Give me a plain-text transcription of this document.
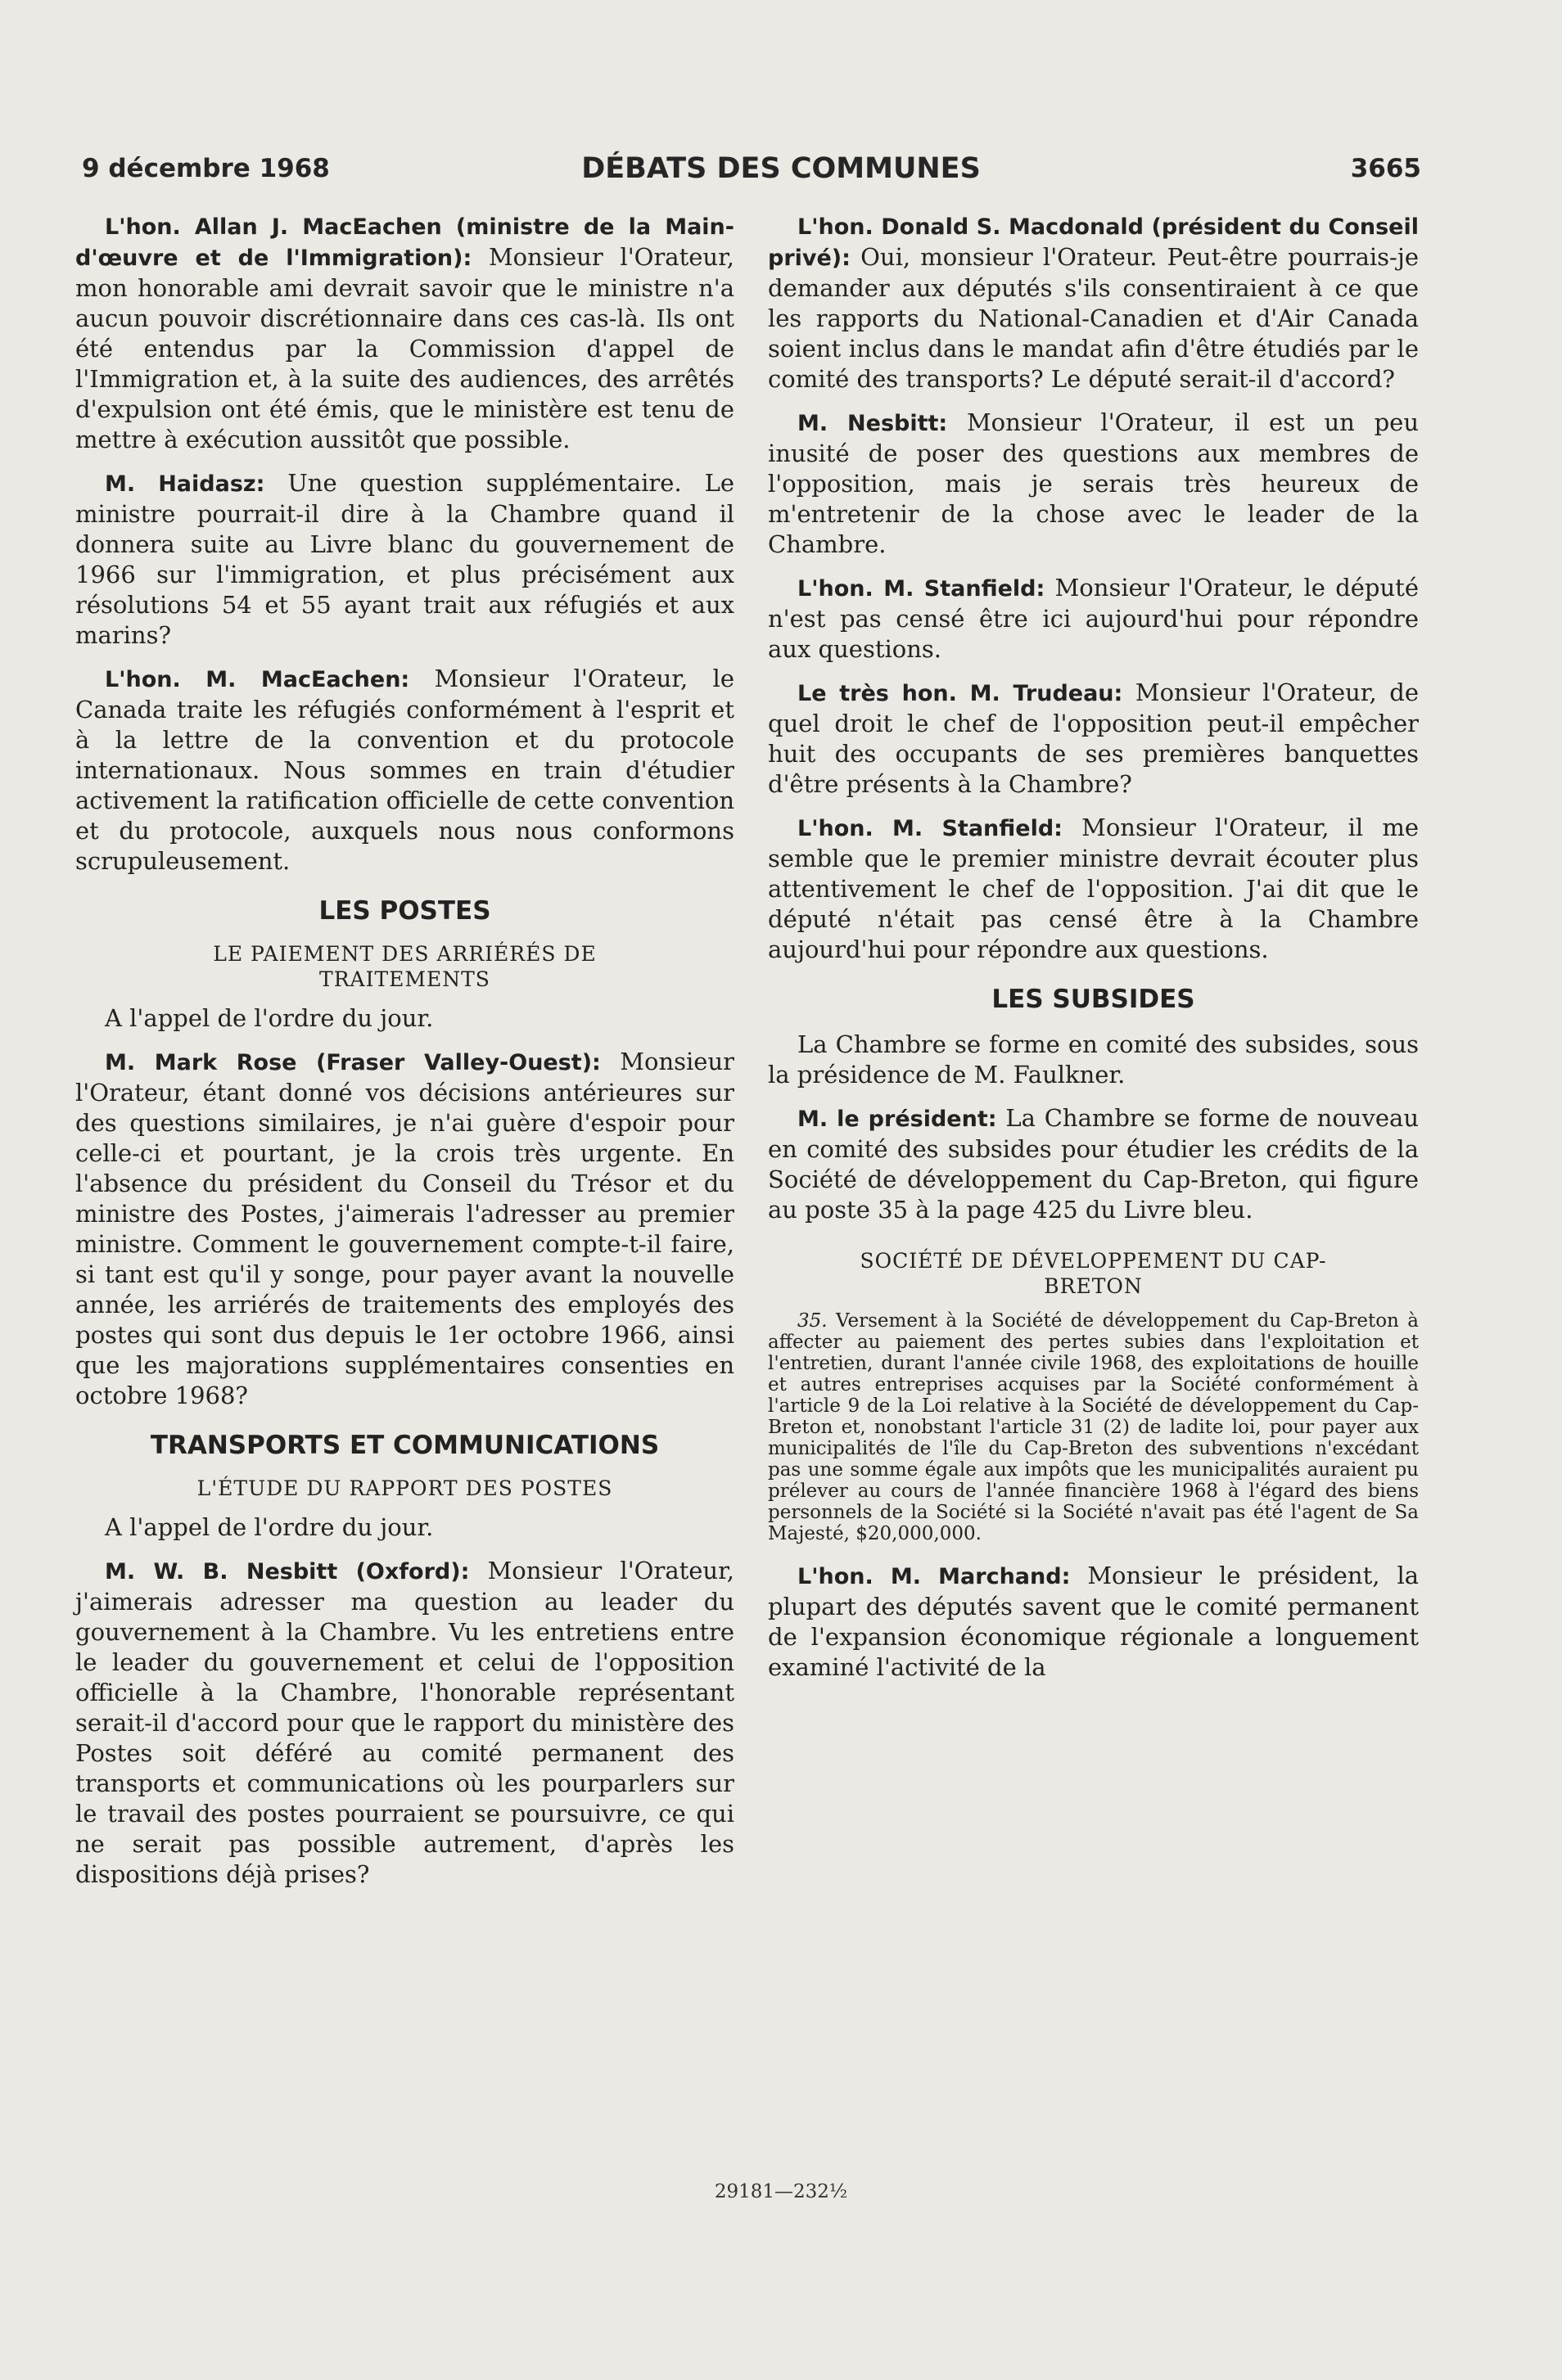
9 décembre 1968	DÉBATS DES COMMUNES	3665

L'hon. Allan J. MacEachen (ministre de la Main-d'œuvre et de l'Immigration): Monsieur l'Orateur, mon honorable ami devrait savoir que le ministre n'a aucun pouvoir discrétionnaire dans ces cas-là. Ils ont été entendus par la Commission d'appel de l'Immigration et, à la suite des audiences, des arrêtés d'expulsion ont été émis, que le ministère est tenu de mettre à exécution aussitôt que possible.

M. Haidasz: Une question supplémentaire. Le ministre pourrait-il dire à la Chambre quand il donnera suite au Livre blanc du gouvernement de 1966 sur l'immigration, et plus précisément aux résolutions 54 et 55 ayant trait aux réfugiés et aux marins?

L'hon. M. MacEachen: Monsieur l'Orateur, le Canada traite les réfugiés conformément à l'esprit et à la lettre de la convention et du protocole internationaux. Nous sommes en train d'étudier activement la ratification officielle de cette convention et du protocole, auxquels nous nous conformons scrupuleusement.

LES POSTES
LE PAIEMENT DES ARRIÉRÉS DE TRAITEMENTS

A l'appel de l'ordre du jour.

M. Mark Rose (Fraser Valley-Ouest): Monsieur l'Orateur, étant donné vos décisions antérieures sur des questions similaires, je n'ai guère d'espoir pour celle-ci et pourtant, je la crois très urgente. En l'absence du président du Conseil du Trésor et du ministre des Postes, j'aimerais l'adresser au premier ministre. Comment le gouvernement compte-t-il faire, si tant est qu'il y songe, pour payer avant la nouvelle année, les arriérés de traitements des employés des postes qui sont dus depuis le 1er octobre 1966, ainsi que les majorations supplémentaires consenties en octobre 1968?

TRANSPORTS ET COMMUNICATIONS
L'ÉTUDE DU RAPPORT DES POSTES

A l'appel de l'ordre du jour.

M. W. B. Nesbitt (Oxford): Monsieur l'Orateur, j'aimerais adresser ma question au leader du gouvernement à la Chambre. Vu les entretiens entre le leader du gouvernement et celui de l'opposition officielle à la Chambre, l'honorable représentant serait-il d'accord pour que le rapport du ministère des Postes soit déféré au comité permanent des transports et communications où les pourparlers sur le travail des postes pourraient se poursuivre, ce qui ne serait pas possible autrement, d'après les dispositions déjà prises?

L'hon. Donald S. Macdonald (président du Conseil privé): Oui, monsieur l'Orateur. Peut-être pourrais-je demander aux députés s'ils consentiraient à ce que les rapports du National-Canadien et d'Air Canada soient inclus dans le mandat afin d'être étudiés par le comité des transports? Le député serait-il d'accord?

M. Nesbitt: Monsieur l'Orateur, il est un peu inusité de poser des questions aux membres de l'opposition, mais je serais très heureux de m'entretenir de la chose avec le leader de la Chambre.

L'hon. M. Stanfield: Monsieur l'Orateur, le député n'est pas censé être ici aujourd'hui pour répondre aux questions.

Le très hon. M. Trudeau: Monsieur l'Orateur, de quel droit le chef de l'opposition peut-il empêcher huit des occupants de ses premières banquettes d'être présents à la Chambre?

L'hon. M. Stanfield: Monsieur l'Orateur, il me semble que le premier ministre devrait écouter plus attentivement le chef de l'opposition. J'ai dit que le député n'était pas censé être à la Chambre aujourd'hui pour répondre aux questions.

LES SUBSIDES

La Chambre se forme en comité des subsides, sous la présidence de M. Faulkner.

M. le président: La Chambre se forme de nouveau en comité des subsides pour étudier les crédits de la Société de développement du Cap-Breton, qui figure au poste 35 à la page 425 du Livre bleu.

SOCIÉTÉ DE DÉVELOPPEMENT DU CAP-BRETON
35. Versement à la Société de développement du Cap-Breton à affecter au paiement des pertes subies dans l'exploitation et l'entretien, durant l'année civile 1968, des exploitations de houille et autres entreprises acquises par la Société conformément à l'article 9 de la Loi relative à la Société de développement du Cap-Breton et, nonobstant l'article 31 (2) de ladite loi, pour payer aux municipalités de l'île du Cap-Breton des subventions n'excédant pas une somme égale aux impôts que les municipalités auraient pu prélever au cours de l'année financière 1968 à l'égard des biens personnels de la Société si la Société n'avait pas été l'agent de Sa Majesté, $20,000,000.

L'hon. M. Marchand: Monsieur le président, la plupart des députés savent que le comité permanent de l'expansion économique régionale a longuement examiné l'activité de la

29181—232½
